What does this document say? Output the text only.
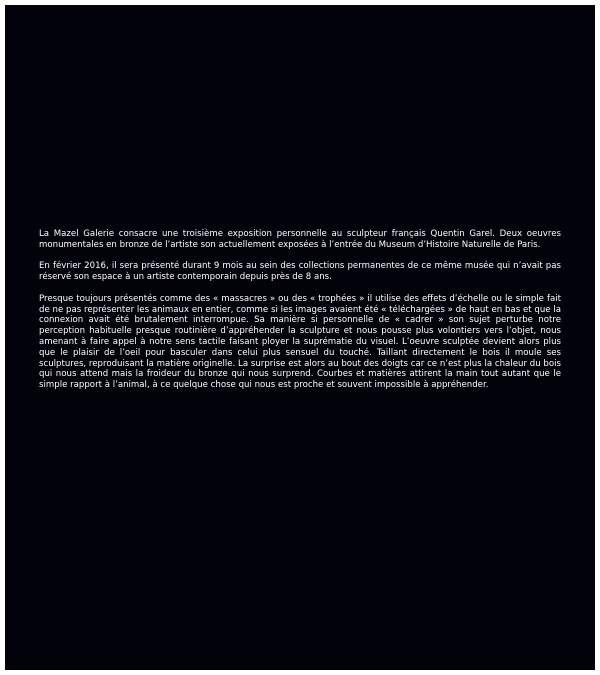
La Mazel Galerie consacre une troisième exposition personnelle au sculpteur français Quentin Garel. Deux oeuvres monumentales en bronze de l’artiste son actuellement exposées à l’entrée du Museum d’Histoire Naturelle de Paris.

En février 2016, il sera présenté durant 9 mois au sein des collections permanentes de ce même musée qui n’avait pas réservé son espace à un artiste contemporain depuis près de 8 ans.

Presque toujours présentés comme des « massacres » ou des « trophées » il utilise des effets d’échelle ou le simple fait de ne pas représenter les animaux en entier, comme si les images avaient été « téléchargées » de haut en bas et que la connexion avait été brutalement interrompue. Sa manière si personnelle de « cadrer » son sujet perturbe notre perception habituelle presque routinière d’appréhender la sculpture et nous pousse plus volontiers vers l’objet, nous amenant à faire appel à notre sens tactile faisant ployer la suprématie du visuel. L’oeuvre sculptée devient alors plus que le plaisir de l’oeil pour basculer dans celui plus sensuel du touché. Taillant directement le bois il moule ses sculptures, reproduisant la matière originelle. La surprise est alors au bout des doigts car ce n’est plus la chaleur du bois qui nous attend mais la froideur du bronze qui nous surprend. Courbes et matières attirent la main tout autant que le simple rapport à l’animal, à ce quelque chose qui nous est proche et souvent impossible à appréhender.
